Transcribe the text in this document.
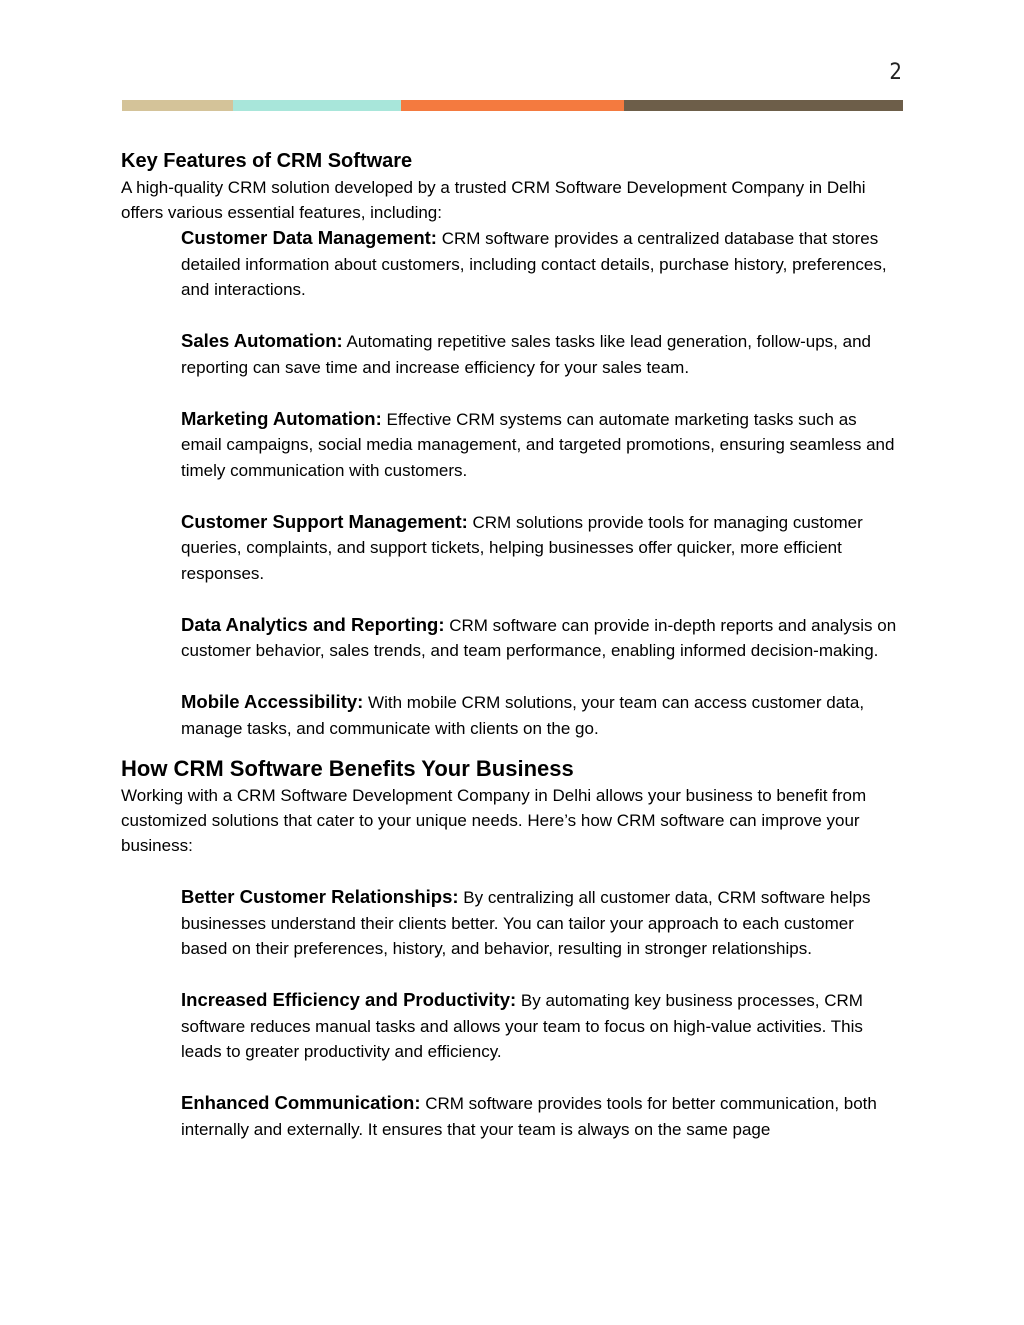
2
Key Features of CRM Software

A high-quality CRM solution developed by a trusted CRM Software Development Company in Delhi offers various essential features, including:

Customer Data Management: CRM software provides a centralized database that stores detailed information about customers, including contact details, purchase history, preferences, and interactions.
Sales Automation: Automating repetitive sales tasks like lead generation, follow-ups, and reporting can save time and increase efficiency for your sales team.
Marketing Automation: Effective CRM systems can automate marketing tasks such as email campaigns, social media management, and targeted promotions, ensuring seamless and timely communication with customers.
Customer Support Management: CRM solutions provide tools for managing customer queries, complaints, and support tickets, helping businesses offer quicker, more efficient responses.
Data Analytics and Reporting: CRM software can provide in-depth reports and analysis on customer behavior, sales trends, and team performance, enabling informed decision-making.
Mobile Accessibility: With mobile CRM solutions, your team can access customer data, manage tasks, and communicate with clients on the go.
How CRM Software Benefits Your Business

Working with a CRM Software Development Company in Delhi allows your business to benefit from customized solutions that cater to your unique needs. Here’s how CRM software can improve your business:

Better Customer Relationships: By centralizing all customer data, CRM software helps businesses understand their clients better. You can tailor your approach to each customer based on their preferences, history, and behavior, resulting in stronger relationships.
Increased Efficiency and Productivity: By automating key business processes, CRM software reduces manual tasks and allows your team to focus on high-value activities. This leads to greater productivity and efficiency.
Enhanced Communication: CRM software provides tools for better communication, both internally and externally. It ensures that your team is always on the same page
